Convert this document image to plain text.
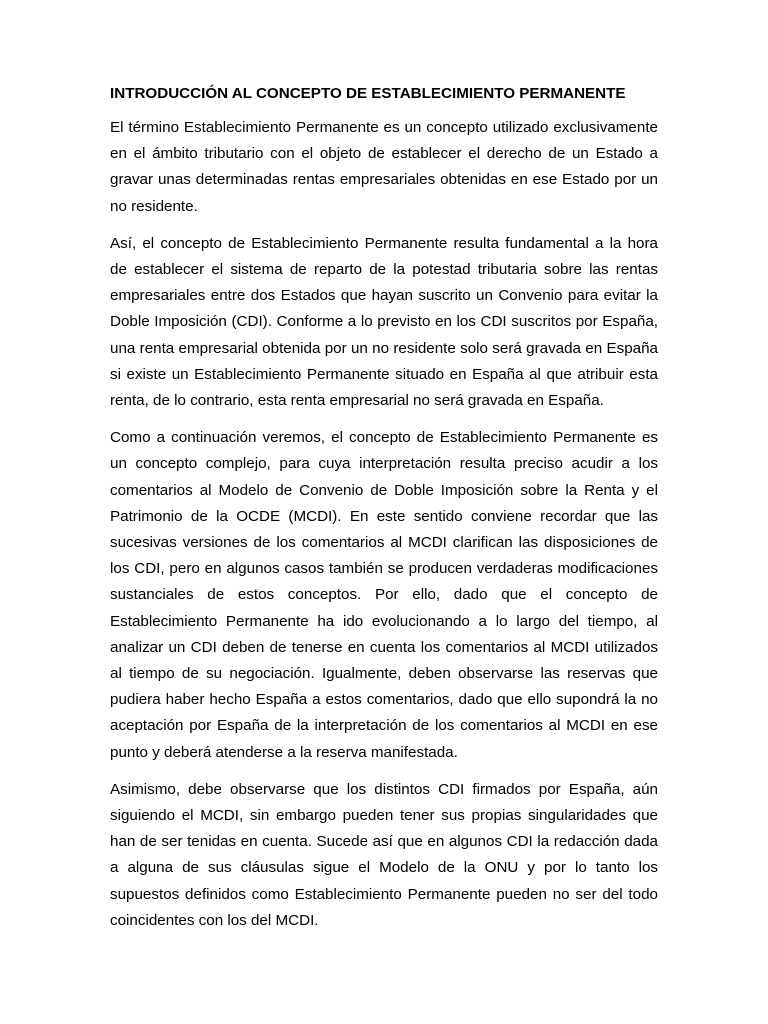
INTRODUCCIÓN AL CONCEPTO DE ESTABLECIMIENTO PERMANENTE

El término Establecimiento Permanente es un concepto utilizado exclusivamente en el ámbito tributario con el objeto de establecer el derecho de un Estado a gravar unas determinadas rentas empresariales obtenidas en ese Estado por un no residente.

Así, el concepto de Establecimiento Permanente resulta fundamental a la hora de establecer el sistema de reparto de la potestad tributaria sobre las rentas empresariales entre dos Estados que hayan suscrito un Convenio para evitar la Doble Imposición (CDI). Conforme a lo previsto en los CDI suscritos por España, una renta empresarial obtenida por un no residente solo será gravada en España si existe un Establecimiento Permanente situado en España al que atribuir esta renta, de lo contrario, esta renta empresarial no será gravada en España.

Como a continuación veremos, el concepto de Establecimiento Permanente es un concepto complejo, para cuya interpretación resulta preciso acudir a los comentarios al Modelo de Convenio de Doble Imposición sobre la Renta y el Patrimonio de la OCDE (MCDI). En este sentido conviene recordar que las sucesivas versiones de los comentarios al MCDI clarifican las disposiciones de los CDI, pero en algunos casos también se producen verdaderas modificaciones sustanciales de estos conceptos. Por ello, dado que el concepto de Establecimiento Permanente ha ido evolucionando a lo largo del tiempo, al analizar un CDI deben de tenerse en cuenta los comentarios al MCDI utilizados al tiempo de su negociación. Igualmente, deben observarse las reservas que pudiera haber hecho España a estos comentarios, dado que ello supondrá la no aceptación por España de la interpretación de los comentarios al MCDI en ese punto y deberá atenderse a la reserva manifestada.

Asimismo, debe observarse que los distintos CDI firmados por España, aún siguiendo el MCDI, sin embargo pueden tener sus propias singularidades que han de ser tenidas en cuenta. Sucede así que en algunos CDI la redacción dada a alguna de sus cláusulas sigue el Modelo de la ONU y por lo tanto los supuestos definidos como Establecimiento Permanente pueden no ser del todo coincidentes con los del MCDI.
